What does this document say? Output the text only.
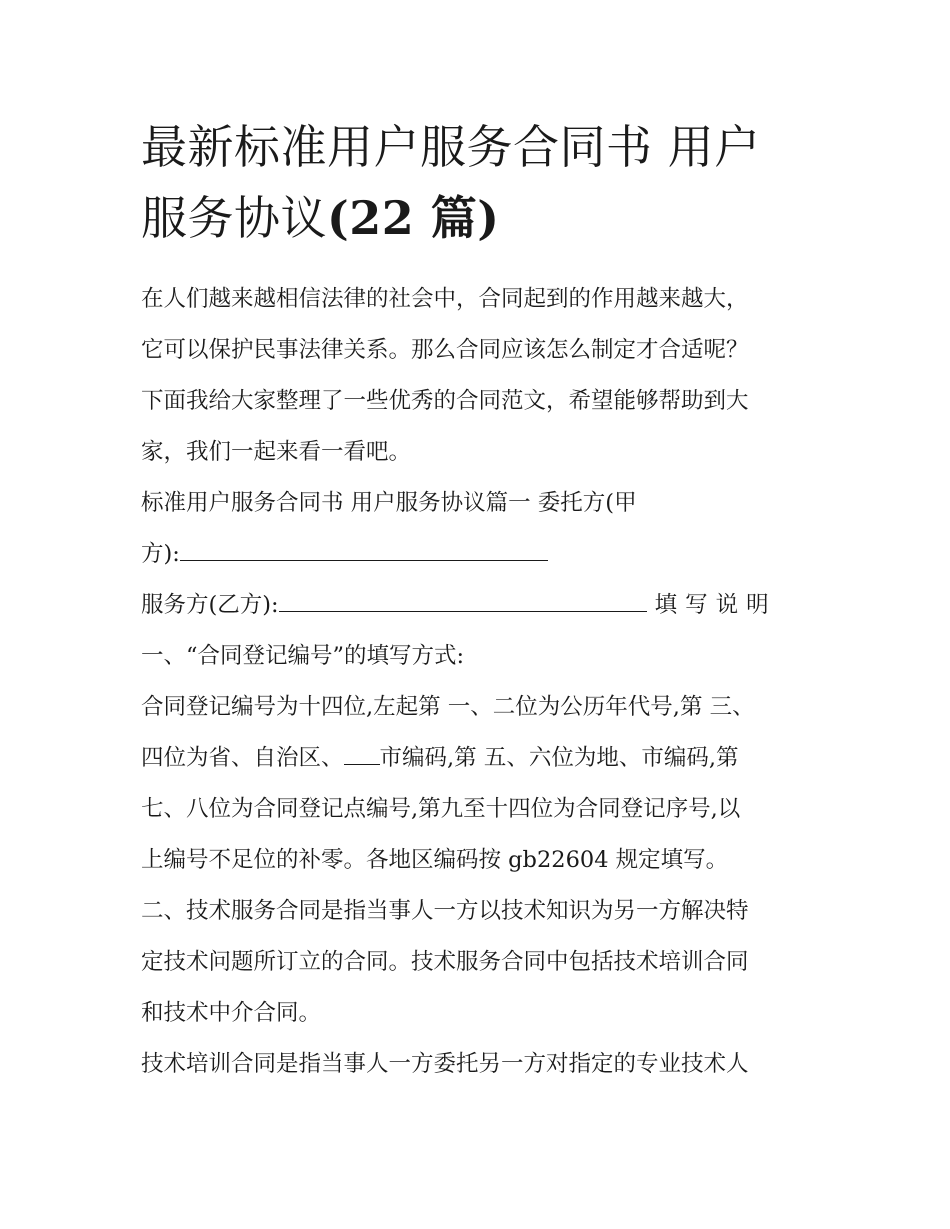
最新标准用户服务合同书 用户
服务协议(22 篇)
在人们越来越相信法律的社会中，合同起到的作用越来越大，
它可以保护民事法律关系。那么合同应该怎么制定才合适呢？
下面我给大家整理了一些优秀的合同范文，希望能够帮助到大
家，我们一起来看一看吧。
标准用户服务合同书 用户服务协议篇一 委托方(甲
方):
服务方(乙方):	填写说明
一、“合同登记编号”的填写方式:
合同登记编号为十四位,左起第 一、二位为公历年代号,第 三、
四位为省、自治区、 市编码,第 五、六位为地、市编码,第
七、八位为合同登记点编号,第九至十四位为合同登记序号,以
上编号不足位的补零。各地区编码按 gb22604 规定填写。
二、技术服务合同是指当事人一方以技术知识为另一方解决特
定技术问题所订立的合同。技术服务合同中包括技术培训合同
和技术中介合同。
技术培训合同是指当事人一方委托另一方对指定的专业技术人
